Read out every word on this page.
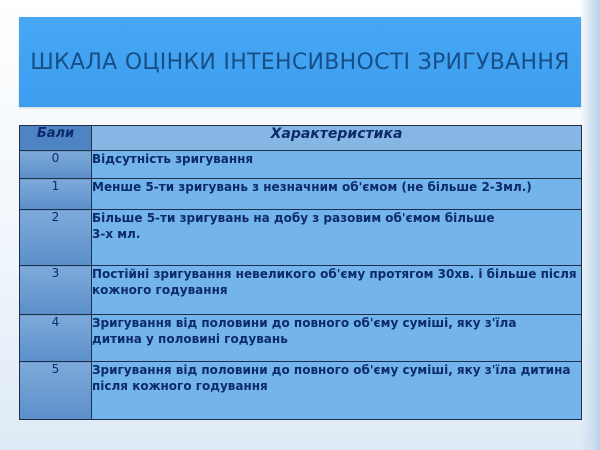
ШКАЛА ОЦІНКИ ІНТЕНСИВНОСТІ ЗРИГУВАННЯ
Бали	Характеристика
0	Відсутність зригування
1	Менше 5-ти зригувань з незначним об'ємом (не більше 2-3мл.)
2	Більше 5-ти зригувань на добу з разовим об'ємом більше 3-х мл.
3	Постійні зригування невеликого об'єму протягом 30хв. і більше після кожного годування
4	Зригування від половини до повного об'єму суміші, яку з'їла дитина у половині годувань
5	Зригування від половини до повного об'єму суміші, яку з'їла дитина після кожного годування
